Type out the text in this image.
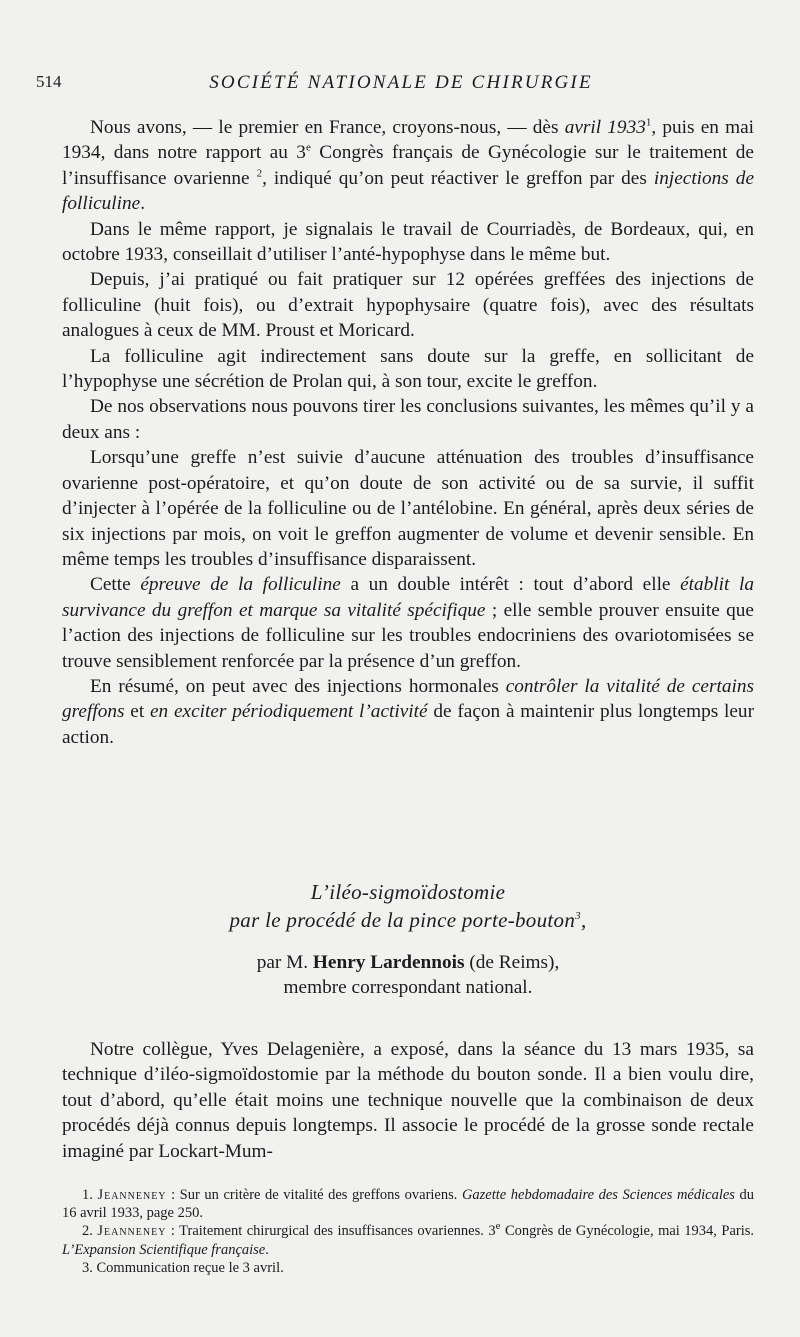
514	SOCIÉTÉ NATIONALE DE CHIRURGIE

Nous avons, — le premier en France, croyons-nous, — dès avril 1933$^1$, puis en mai 1934, dans notre rapport au 3e Congrès français de Gynécologie sur le traitement de l’insuffisance ovarienne $^2$, indiqué qu’on peut réactiver le greffon par des injections de folliculine.

Dans le même rapport, je signalais le travail de Courriadès, de Bordeaux, qui, en octobre 1933, conseillait d’utiliser l’anté-hypophyse dans le même but.

Depuis, j’ai pratiqué ou fait pratiquer sur 12 opérées greffées des injections de folliculine (huit fois), ou d’extrait hypophysaire (quatre fois), avec des résultats analogues à ceux de MM. Proust et Moricard.

La folliculine agit indirectement sans doute sur la greffe, en sollicitant de l’hypophyse une sécrétion de Prolan qui, à son tour, excite le greffon.

De nos observations nous pouvons tirer les conclusions suivantes, les mêmes qu’il y a deux ans :

Lorsqu’une greffe n’est suivie d’aucune atténuation des troubles d’insuffisance ovarienne post-opératoire, et qu’on doute de son activité ou de sa survie, il suffit d’injecter à l’opérée de la folliculine ou de l’antélobine. En général, après deux séries de six injections par mois, on voit le greffon augmenter de volume et devenir sensible. En même temps les troubles d’insuffisance disparaissent.

Cette épreuve de la folliculine a un double intérêt : tout d’abord elle établit la survivance du greffon et marque sa vitalité spécifique ; elle semble prouver ensuite que l’action des injections de folliculine sur les troubles endocriniens des ovariotomisées se trouve sensiblement renforcée par la présence d’un greffon.

En résumé, on peut avec des injections hormonales contrôler la vitalité de certains greffons et en exciter périodiquement l’activité de façon à maintenir plus longtemps leur action.

L’iléo-sigmoïdostomie
par le procédé de la pince porte-bouton$^3$,
par M. Henry Lardennois (de Reims),
membre correspondant national.

Notre collègue, Yves Delagenière, a exposé, dans la séance du 13 mars 1935, sa technique d’iléo-sigmoïdostomie par la méthode du bouton sonde. Il a bien voulu dire, tout d’abord, qu’elle était moins une technique nouvelle que la combinaison de deux procédés déjà connus depuis longtemps. Il associe le procédé de la grosse sonde rectale imaginé par Lockart-Mum-

1. Jeanneney : Sur un critère de vitalité des greffons ovariens. Gazette hebdomadaire des Sciences médicales du 16 avril 1933, page 250.

2. Jeanneney : Traitement chirurgical des insuffisances ovariennes. 3e Congrès de Gynécologie, mai 1934, Paris. L’Expansion Scientifique française.

3. Communication reçue le 3 avril.
